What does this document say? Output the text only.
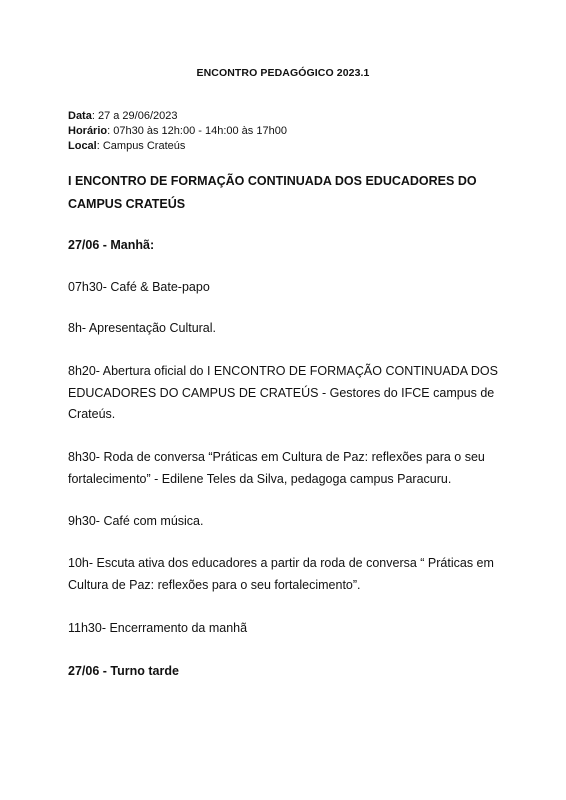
ENCONTRO PEDAGÓGICO 2023.1
Data: 27 a 29/06/2023
Horário: 07h30 às 12h:00 - 14h:00 às 17h00
Local: Campus Crateús
I ENCONTRO DE FORMAÇÃO CONTINUADA DOS EDUCADORES DO CAMPUS CRATEÚS
27/06 - Manhã:
07h30- Café & Bate-papo
8h- Apresentação Cultural.
8h20- Abertura oficial do I ENCONTRO DE FORMAÇÃO CONTINUADA DOS EDUCADORES DO CAMPUS DE CRATEÚS - Gestores do IFCE campus de Crateús.
8h30- Roda de conversa “Práticas em Cultura de Paz: reflexões para o seu fortalecimento” - Edilene Teles da Silva, pedagoga campus Paracuru.
9h30- Café com música.
10h- Escuta ativa dos educadores a partir da roda de conversa “ Práticas em Cultura de Paz: reflexões para o seu fortalecimento”.
11h30- Encerramento da manhã
27/06 - Turno tarde
